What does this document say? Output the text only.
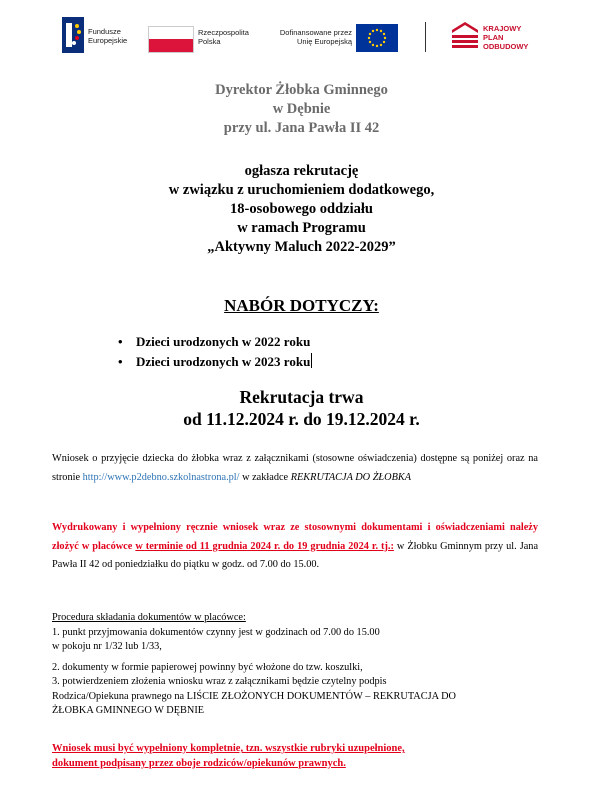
Fundusze
Europejskie
Rzeczpospolita
Polska
Dofinansowane przez
Unię Europejską
KRAJOWY
PLAN
ODBUDOWY
Dyrektor Żłobka Gminnego
w Dębnie
przy ul. Jana Pawła II 42
ogłasza rekrutację
w związku z uruchomieniem dodatkowego,
18-osobowego oddziału
w ramach Programu
„Aktywny Maluch 2022-2029”
NABÓR DOTYCZY:
• Dzieci urodzonych w 2022 roku
• Dzieci urodzonych w 2023 roku
Rekrutacja trwa
od 11.12.2024 r. do 19.12.2024 r.
Wniosek o przyjęcie dziecka do żłobka wraz z załącznikami (stosowne oświadczenia) dostępne są poniżej oraz na stronie http://www.p2debno.szkolnastrona.pl/ w zakładce REKRUTACJA DO ŻŁOBKA
Wydrukowany i wypełniony ręcznie wniosek wraz ze stosownymi dokumentami i oświadczeniami należy złożyć w placówce w terminie od 11 grudnia 2024 r. do 19 grudnia 2024 r. tj.: w Żłobku Gminnym przy ul. Jana Pawła II 42 od poniedziałku do piątku w godz. od 7.00 do 15.00.
Procedura składania dokumentów w placówce:
1. punkt przyjmowania dokumentów czynny jest w godzinach od 7.00 do 15.00
w pokoju nr 1/32 lub 1/33,
2. dokumenty w formie papierowej powinny być włożone do tzw. koszulki,
3. potwierdzeniem złożenia wniosku wraz z załącznikami będzie czytelny podpis
Rodzica/Opiekuna prawnego na LIŚCIE ZŁOŻONYCH DOKUMENTÓW – REKRUTACJA DO
ŻŁOBKA GMINNEGO W DĘBNIE
Wniosek musi być wypełniony kompletnie, tzn. wszystkie rubryki uzupełnione,
dokument podpisany przez oboje rodziców/opiekunów prawnych.
